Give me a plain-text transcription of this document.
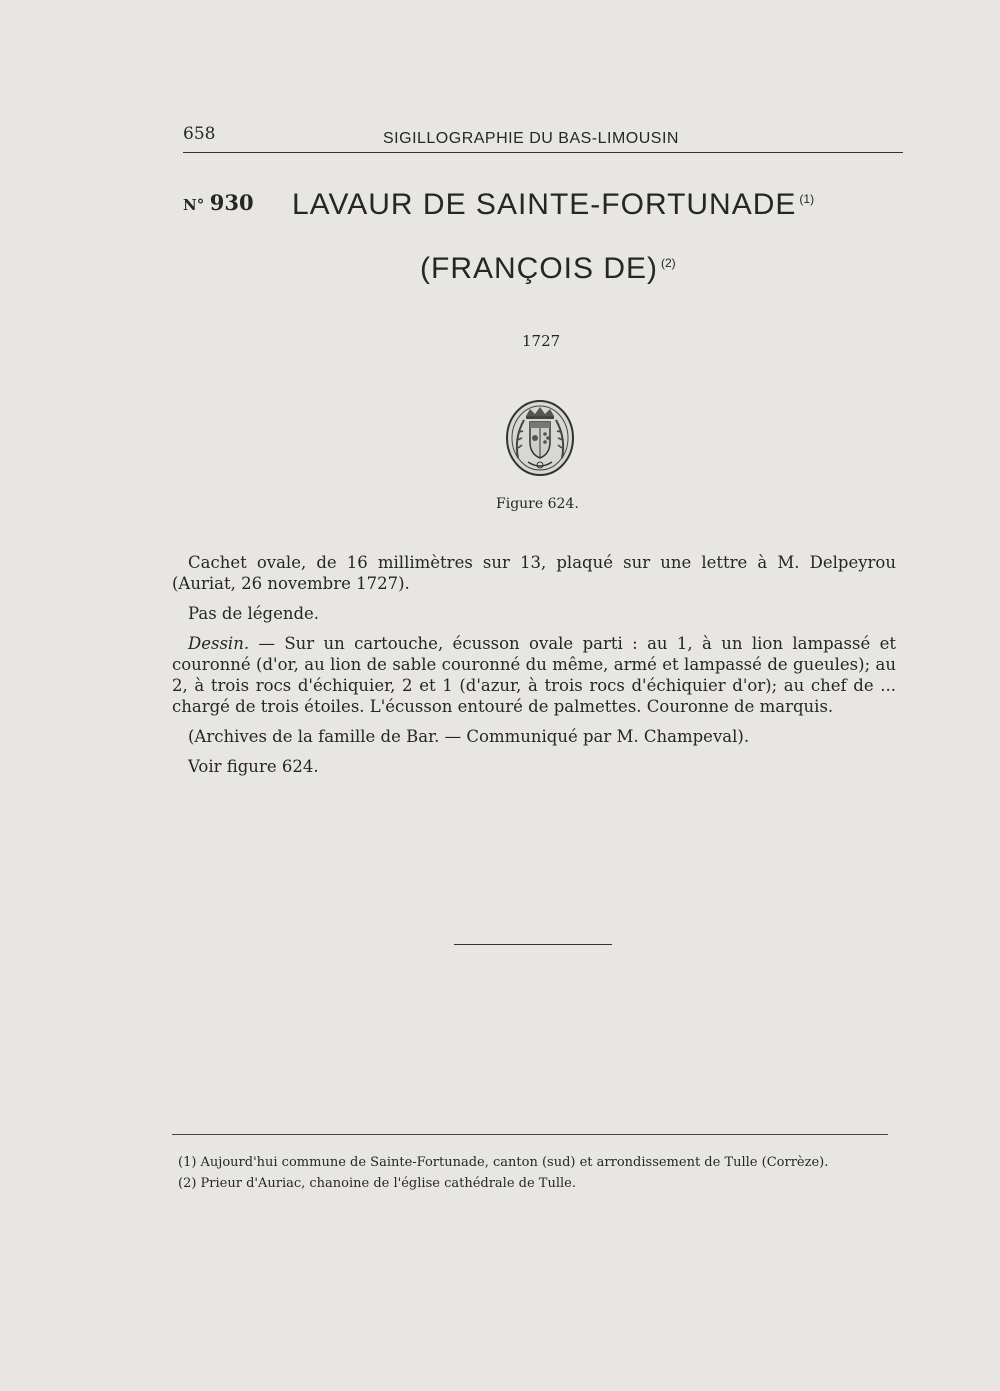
658	SIGILLOGRAPHIE DU BAS-LIMOUSIN
N° 930 LAVAUR DE SAINTE-FORTUNADE $^{(1)}$
(FRANÇOIS DE) $^{(2)}$
1727
Figure 624.

Cachet ovale, de 16 millimètres sur 13, plaqué sur une lettre à M. Delpeyrou (Auriat, 26 novembre 1727).

Pas de légende.

Dessin. — Sur un cartouche, écusson ovale parti : au 1, à un lion lampassé et couronné (d'or, au lion de sable couronné du même, armé et lampassé de gueules); au 2, à trois rocs d'échiquier, 2 et 1 (d'azur, à trois rocs d'échiquier d'or); au chef de ... chargé de trois étoiles. L'écusson entouré de palmettes. Couronne de marquis.

(Archives de la famille de Bar. — Communiqué par M. Champeval).

Voir figure 624.

(1) Aujourd'hui commune de Sainte-Fortunade, canton (sud) et arrondissement de Tulle (Corrèze).

(2) Prieur d'Auriac, chanoine de l'église cathédrale de Tulle.
